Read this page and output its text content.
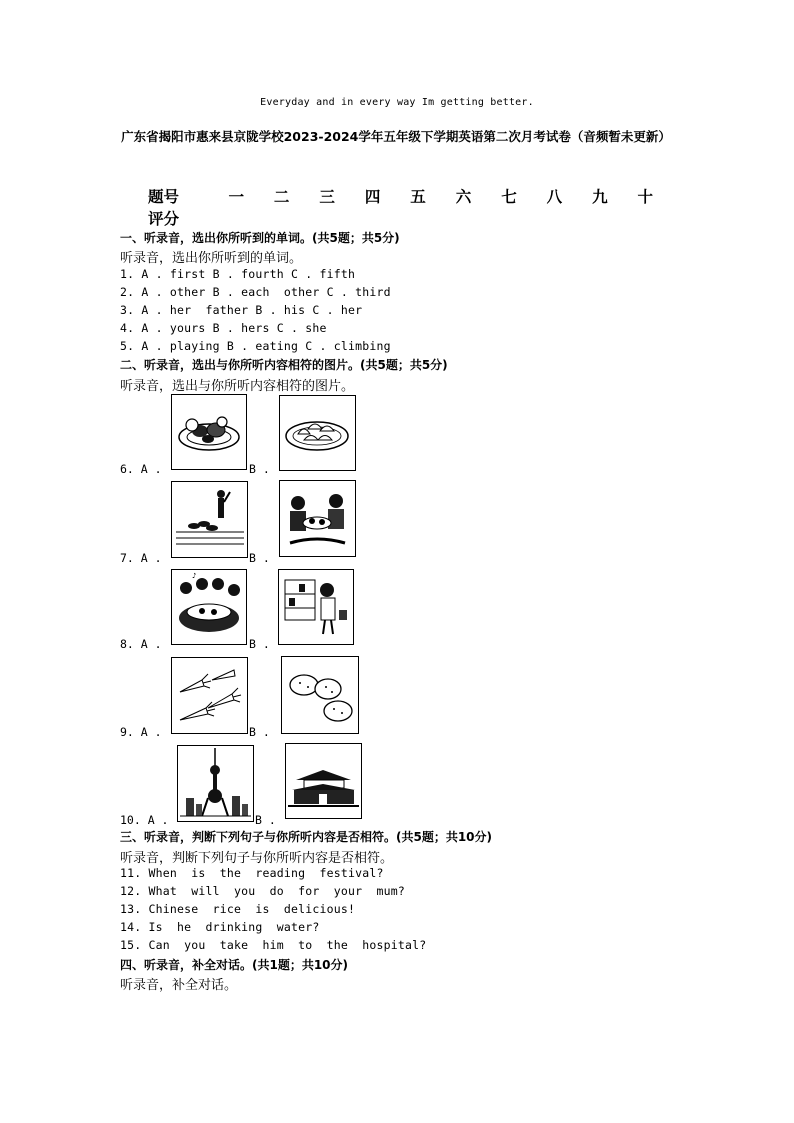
Everyday and in every way Im getting better.
广东省揭阳市惠来县京陇学校2023-2024学年五年级下学期英语第二次月考试卷（音频暂未更新）
题号	一	二	三	四	五	六	七	八	九	十
评分
一、听录音，选出你所听到的单词。(共5题；共5分)
听录音，选出你所听到的单词。
1. A . first B . fourth C . fifth
2. A . other B . each  other C . third
3. A . her  father B . his C . her
4. A . yours B . hers C . she
5. A . playing B . eating C . climbing
二、听录音，选出与你所听内容相符的图片。(共5题；共5分)
听录音，选出与你所听内容相符的图片。
6. A .	B .
7. A .	B .
♪
8. A .	B .
9. A .	B .
10. A .	B .
三、听录音，判断下列句子与你所听内容是否相符。(共5题；共10分)
听录音，判断下列句子与你所听内容是否相符。
11. When  is  the  reading  festival?
12. What  will  you  do  for  your  mum?
13. Chinese  rice  is  delicious!
14. Is  he  drinking  water?
15. Can  you  take  him  to  the  hospital?
四、听录音，补全对话。(共1题；共10分)
听录音，补全对话。
